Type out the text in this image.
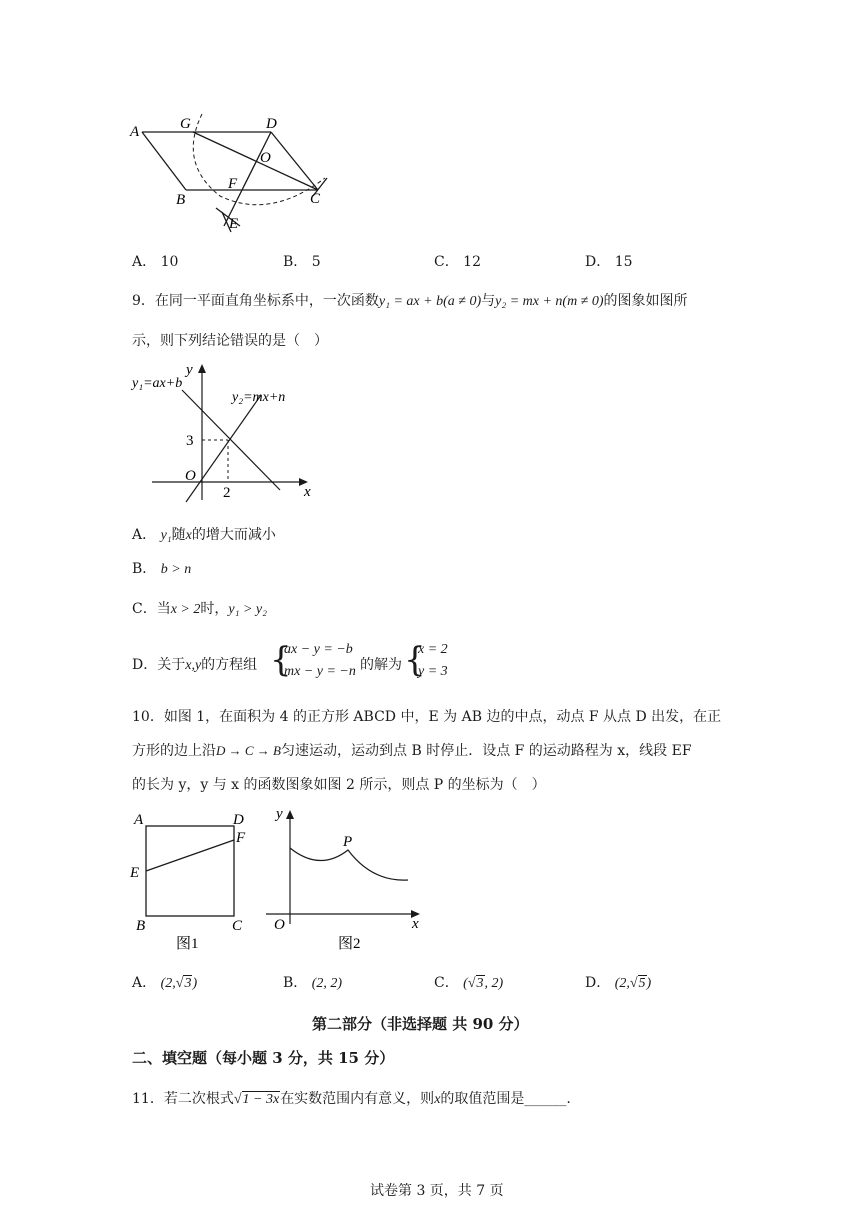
A	G	D
O
F
B	C
E
A． 10	B． 5	C． 12	D． 15
9．在同一平面直角坐标系中，一次函数y₁ = ax + b(a ≠ 0)与y₂ = mx + n(m ≠ 0)的图象如图所
示，则下列结论错误的是（　）
y₁=ax+b
y₂=mx+n
y
x
O
3
2
A． y₁随x的增大而减小
B． b > n
C．当x > 2时，y₁ > y₂
D．关于x,y的方程组 {
ax − y = −b
mx − y = −n 的解为 {
x = 2
y = 3
10．如图 1，在面积为 4 的正方形 ABCD 中，E 为 AB 边的中点，动点 F 从点 D 出发，在正
方形的边上沿D → C → B匀速运动，运动到点 B 时停止．设点 F 的运动路程为 x，线段 EF
的长为 y，y 与 x 的函数图象如图 2 所示，则点 P 的坐标为（　）
A	D
F
E
B	C
图1
y
P
O	x
图2
A． (2,√3)	B． (2, 2)	C． (√3, 2)	D． (2,√5)
第二部分（非选择题 共 90 分）
二、填空题（每小题 3 分，共 15 分）
11．若二次根式√1 − 3x在实数范围内有意义，则x的取值范围是______.
试卷第 3 页，共 7 页
